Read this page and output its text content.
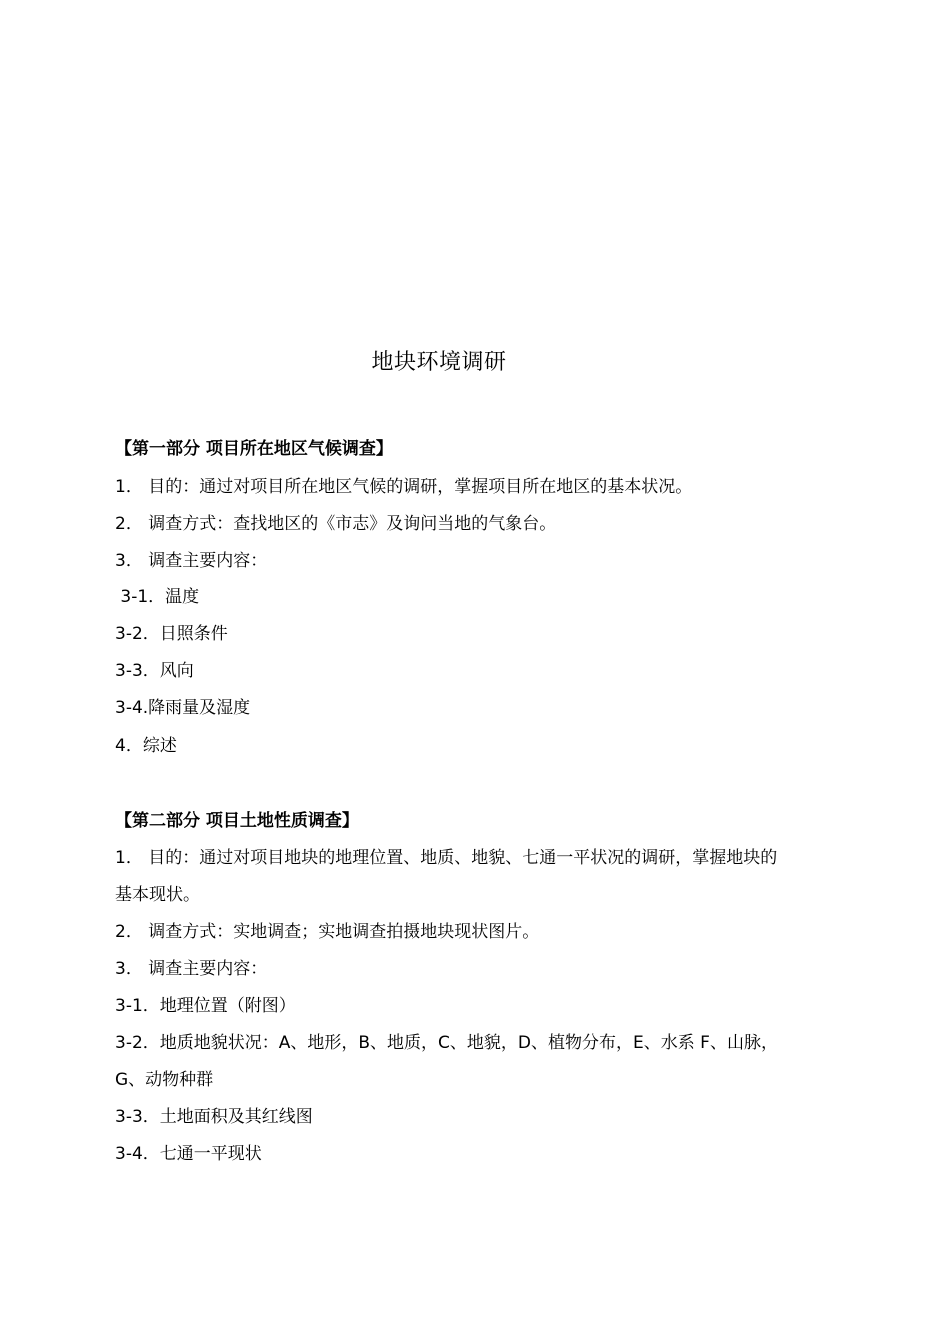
地块环境调研
【第一部分 项目所在地区气候调查】
1． 目的：通过对项目所在地区气候的调研，掌握项目所在地区的基本状况。
2． 调查方式：查找地区的《市志》及询问当地的气象台。
3． 调查主要内容：
3-1．温度
3-2．日照条件
3-3．风向
3-4.降雨量及湿度
4．综述
【第二部分 项目土地性质调查】
1． 目的：通过对项目地块的地理位置、地质、地貌、七通一平状况的调研，掌握地块的
基本现状。
2． 调查方式：实地调查；实地调查拍摄地块现状图片。
3． 调查主要内容：
3-1．地理位置（附图）
3-2．地质地貌状况：A、地形，B、地质，C、地貌，D、植物分布，E、水系 F、山脉，
G、动物种群
3-3．土地面积及其红线图
3-4．七通一平现状
